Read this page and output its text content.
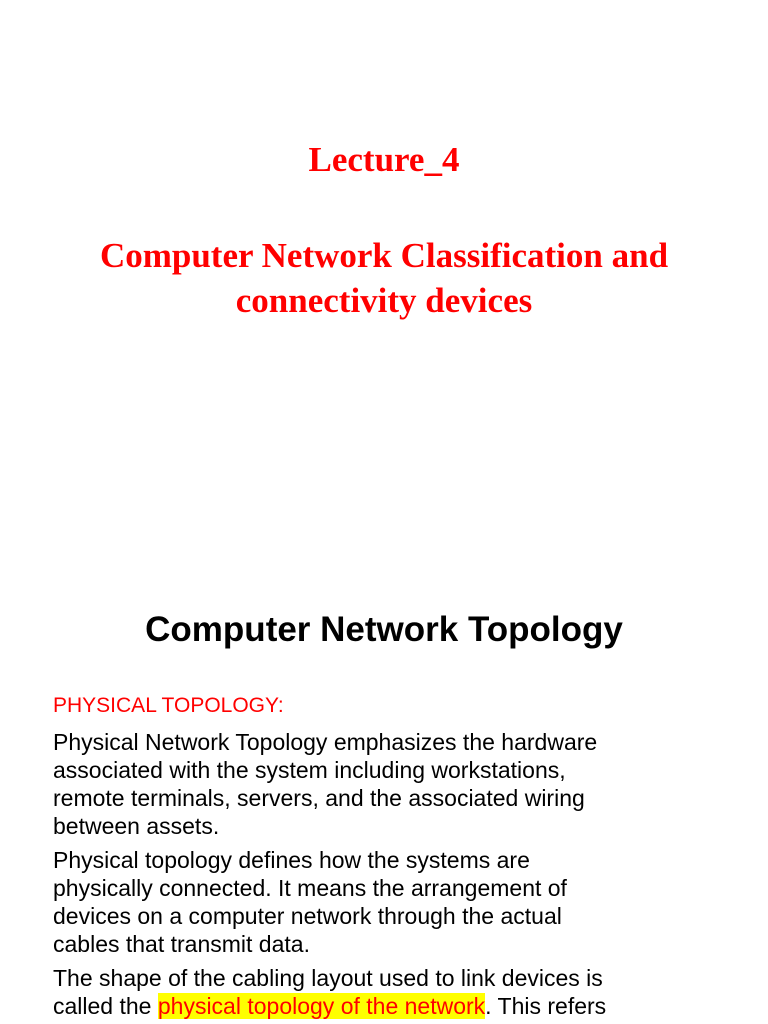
Lecture_4
Computer Network Classification and
connectivity devices
Computer Network Topology
PHYSICAL TOPOLOGY:
Physical Network Topology emphasizes the hardware
associated with the system including workstations,
remote terminals, servers, and the associated wiring
between assets.
Physical topology defines how the systems are
physically connected. It means the arrangement of
devices on a computer network through the actual
cables that transmit data.
The shape of the cabling layout used to link devices is
called the physical topology of the network. This refers
